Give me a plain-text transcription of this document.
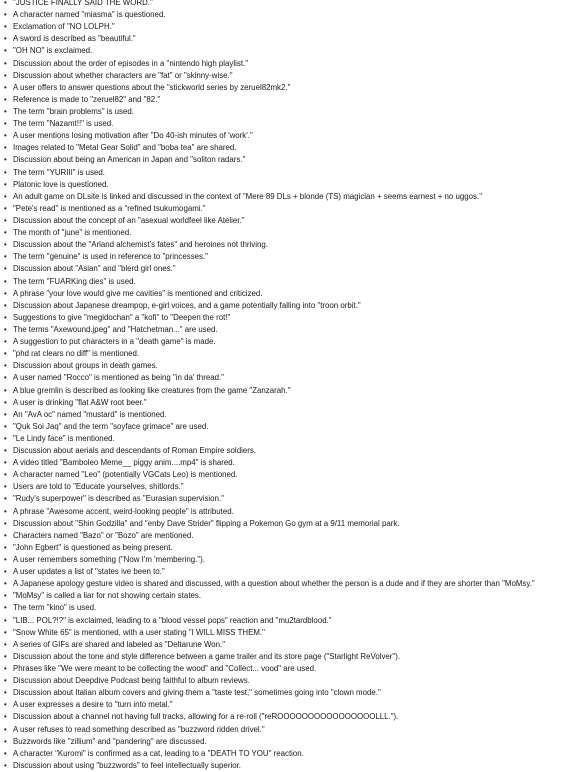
•"JUSTICE FINALLY SAID THE WORD."
•A character named "miasma" is questioned.
•Exclamation of "NO LOLPH."
•A sword is described as "beautiful."
•"OH NO" is exclaimed.
•Discussion about the order of episodes in a "nintendo high playlist."
•Discussion about whether characters are "fat" or "skinny-wise."
•A user offers to answer questions about the "stickworld series by zeruel82mk2."
•Reference is made to "zeruel82" and "82."
•The term "brain problems" is used.
•The term "Nazamt!!" is used.
•A user mentions losing motivation after "Do 40-ish minutes of 'work'."
•Images related to "Metal Gear Solid" and "boba tea" are shared.
•Discussion about being an American in Japan and "soliton radars."
•The term "YURIII" is used.
•Platonic love is questioned.
•An adult game on DLsite is linked and discussed in the context of "Mere 89 DLs + blonde (TS) magician + seems earnest + no uggos."
•"Pete's read" is mentioned as a "refined tsukumogami."
•Discussion about the concept of an "asexual worldfeel like Atelier."
•The month of "june" is mentioned.
•Discussion about the "Arland alchemist's fates" and heroines not thriving.
•The term "genuine" is used in reference to "princesses."
•Discussion about "Asian" and "blerd girl ones."
•The term "FUARKing dies" is used.
•A phrase "your love would give me cavities" is mentioned and criticized.
•Discussion about Japanese dreampop, e-girl voices, and a game potentially falling into "troon orbit."
•Suggestions to give "megidochan" a "kofi" to "Deepen the rot!"
•The terms "Axewound.jpeg" and "Hatchetman..." are used.
•A suggestion to put characters in a "death game" is made.
•"phd rat clears no diff" is mentioned.
•Discussion about groups in death games.
•A user named "Rocco" is mentioned as being "in da' thread."
•A blue gremlin is described as looking like creatures from the game "Zanzarah."
•A user is drinking "flat A&W root beer."
•An "AvA oc" named "mustard" is mentioned.
•"Quk Soi Jaq" and the term "soyface grimace" are used.
•"Le Lindy face" is mentioned.
•Discussion about aerials and descendants of Roman Empire soldiers.
•A video titled "Bamboleo Meme__ piggy anim....mp4" is shared.
•A character named "Leo" (potentially VGCats Leo) is mentioned.
•Users are told to "Educate yourselves, shitlords."
•"Rudy's superpower" is described as "Eurasian supervision."
•A phrase "Awesome accent, weird-looking people" is attributed.
•Discussion about "Shin Godzilla" and "enby Dave Strider" flipping a Pokemon Go gym at a 9/11 memorial park.
•Characters named "Bazo" or "Bozo" are mentioned.
•"John Egbert" is questioned as being present.
•A user remembers something ("Now I'm 'membering.").
•A user updates a list of "states ive been to."
•A Japanese apology gesture video is shared and discussed, with a question about whether the person is a dude and if they are shorter than "MoMsy."
•"MoMsy" is called a liar for not showing certain states.
•The term "kino" is used.
•"LIB... POL?!?" is exclaimed, leading to a "blood vessel pops" reaction and "mu2tardblood."
•"Snow White 65" is mentioned, with a user stating "I WILL MISS THEM."
•A series of GIFs are shared and labeled as "Deltarune Won."
•Discussion about the tone and style difference between a game trailer and its store page ("Starlight ReVolver").
•Phrases like "We were meant to be collecting the wood" and "Collect... vood" are used.
•Discussion about Deepdive Podcast being faithful to album reviews.
•Discussion about Italian album covers and giving them a "taste test," sometimes going into "clown mode."
•A user expresses a desire to "turn into metal."
•Discussion about a channel not having full tracks, allowing for a re-roll ("reROOOOOOOOOOOOOOOOLLL.").
•A user refuses to read something described as "buzzword ridden drivel."
•Buzzwords like "zillium" and "pandering" are discussed.
•A character "Kuromi" is confirmed as a cat, leading to a "DEATH TO YOU" reaction.
•Discussion about using "buzzwords" to feel intellectually superior.
